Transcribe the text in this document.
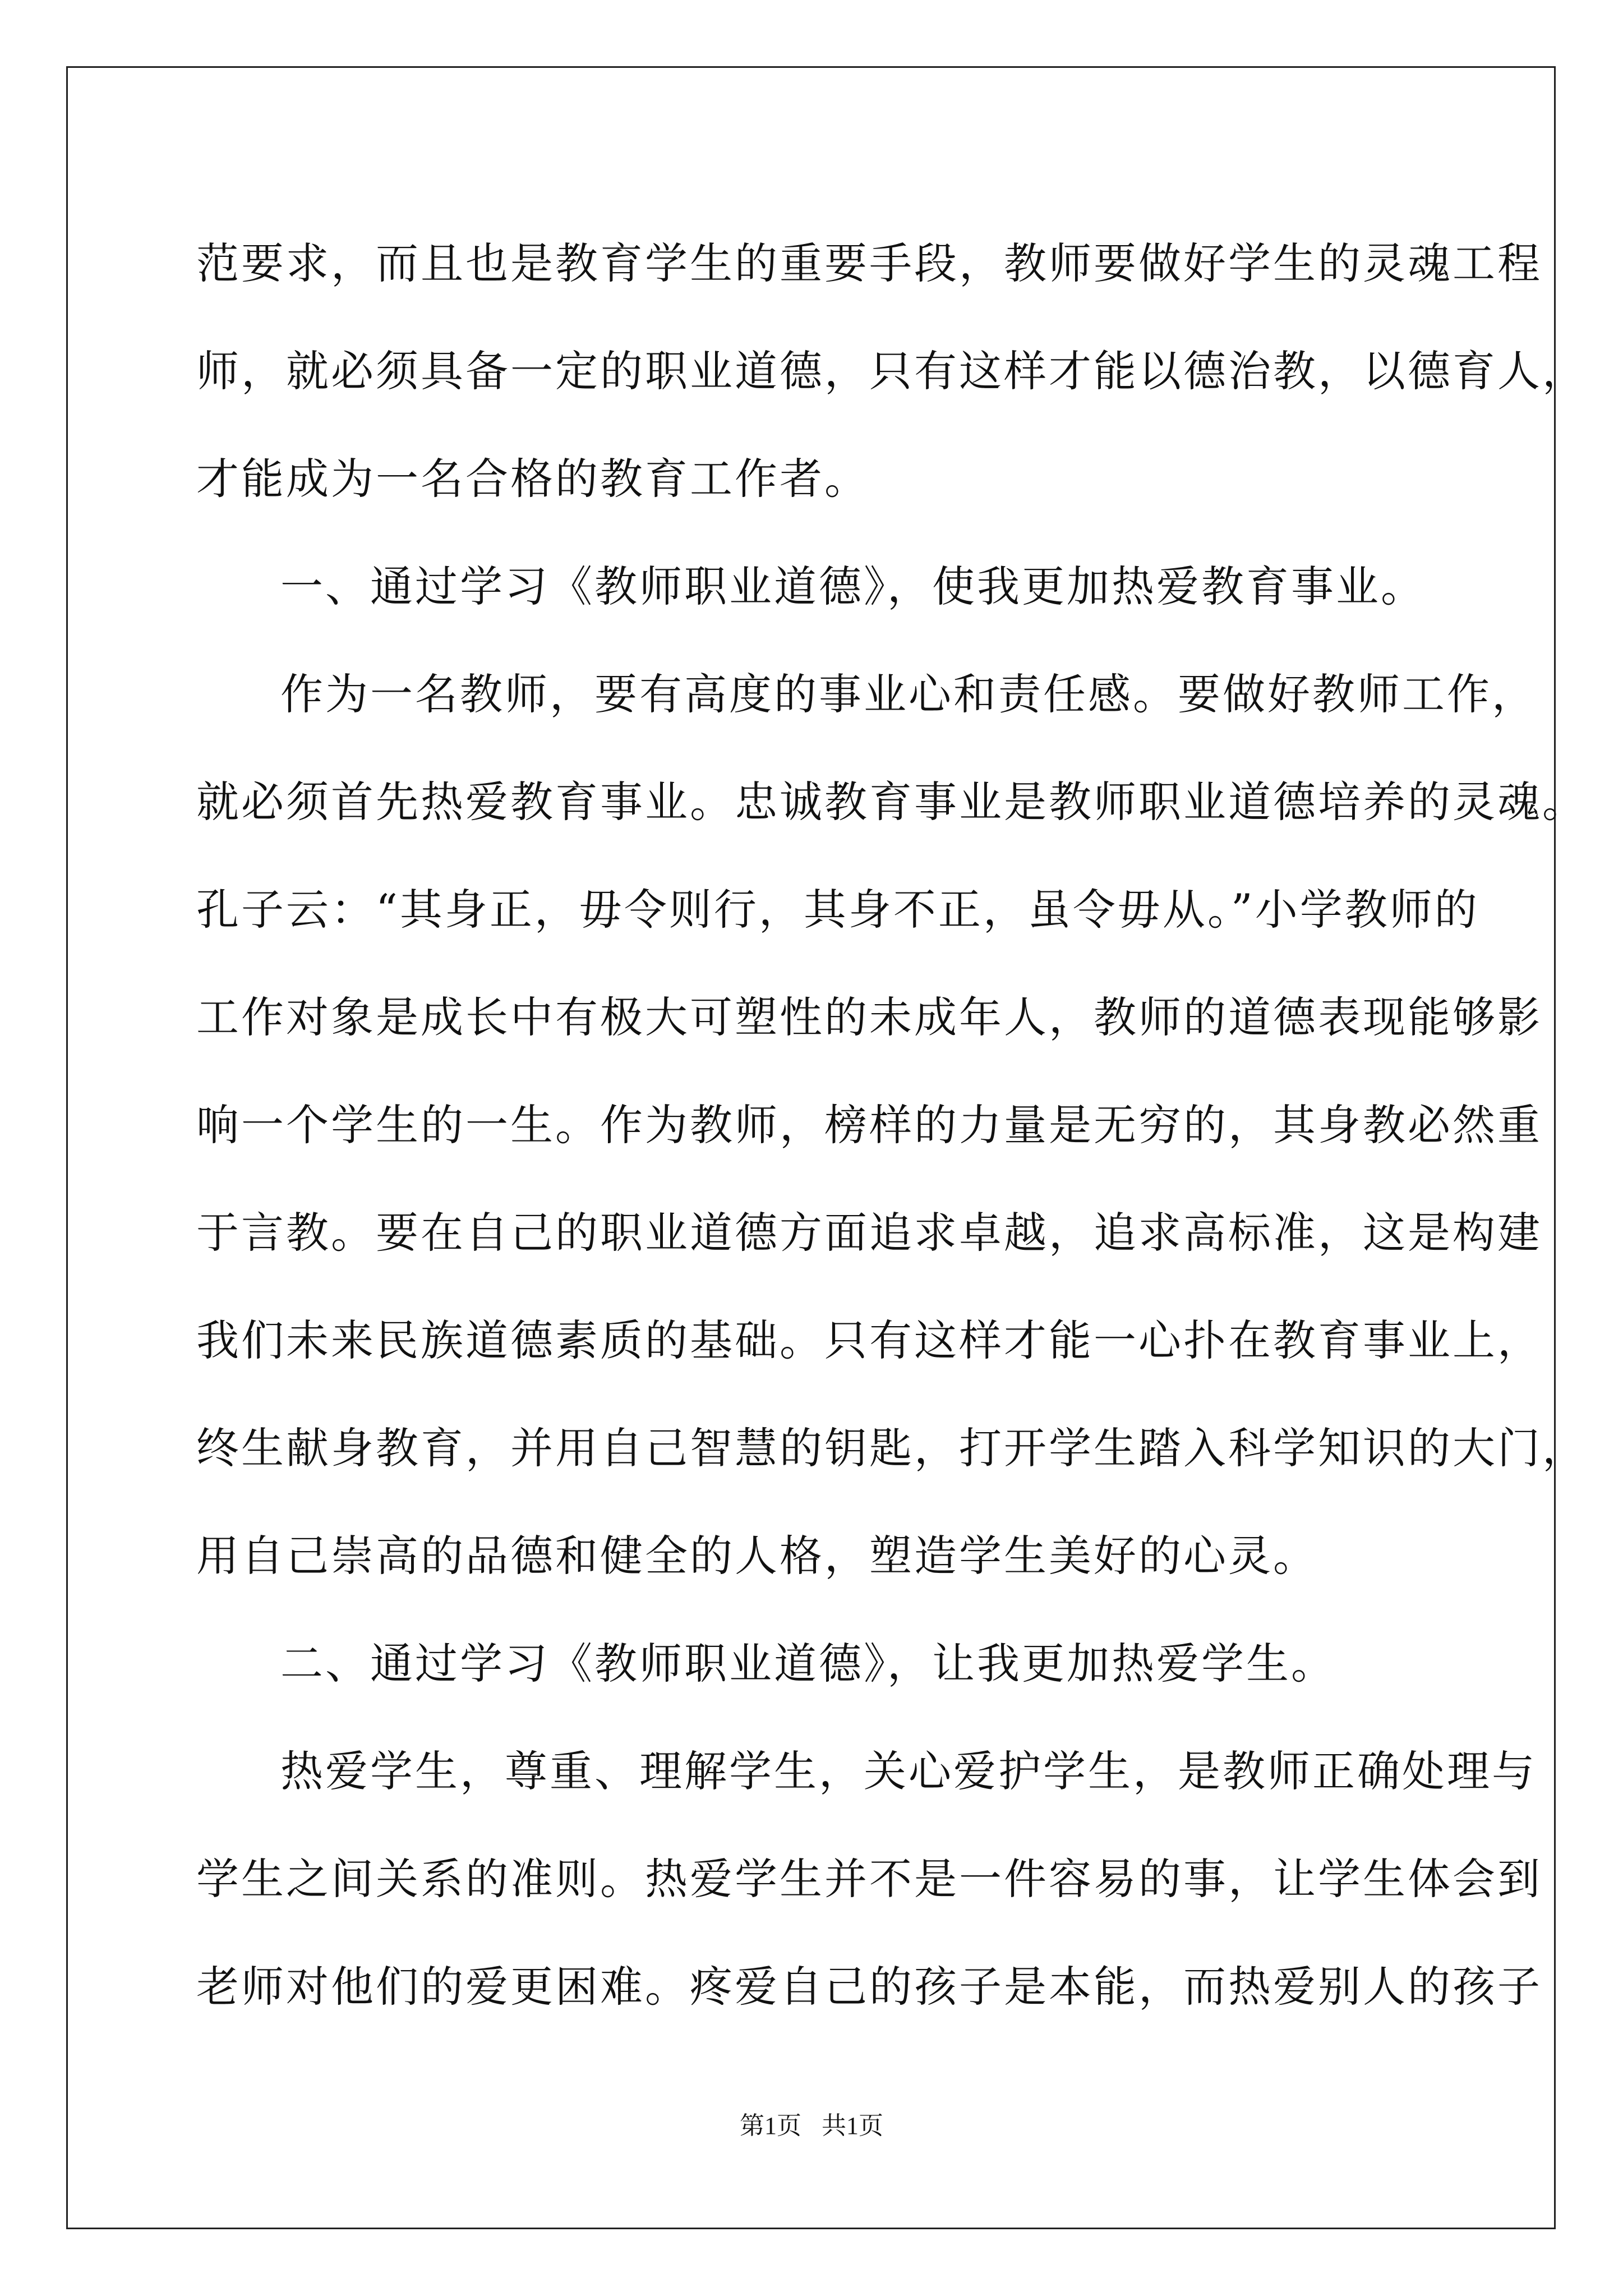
范要求，而且也是教育学生的重要手段，教师要做好学生的灵魂工程
师，就必须具备一定的职业道德，只有这样才能以德治教，以德育人，
才能成为一名合格的教育工作者。
一、通过学习《教师职业道德》，使我更加热爱教育事业。
作为一名教师，要有高度的事业心和责任感。要做好教师工作，
就必须首先热爱教育事业。忠诚教育事业是教师职业道德培养的灵魂。
孔子云：“其身正，毋令则行，其身不正，虽令毋从。”小学教师的
工作对象是成长中有极大可塑性的未成年人，教师的道德表现能够影
响一个学生的一生。作为教师，榜样的力量是无穷的，其身教必然重
于言教。要在自己的职业道德方面追求卓越，追求高标准，这是构建
我们未来民族道德素质的基础。只有这样才能一心扑在教育事业上，
终生献身教育，并用自己智慧的钥匙，打开学生踏入科学知识的大门，
用自己崇高的品德和健全的人格，塑造学生美好的心灵。
二、通过学习《教师职业道德》，让我更加热爱学生。
热爱学生，尊重、理解学生，关心爱护学生，是教师正确处理与
学生之间关系的准则。热爱学生并不是一件容易的事，让学生体会到
老师对他们的爱更困难。疼爱自己的孩子是本能，而热爱别人的孩子
第1页 共1页
